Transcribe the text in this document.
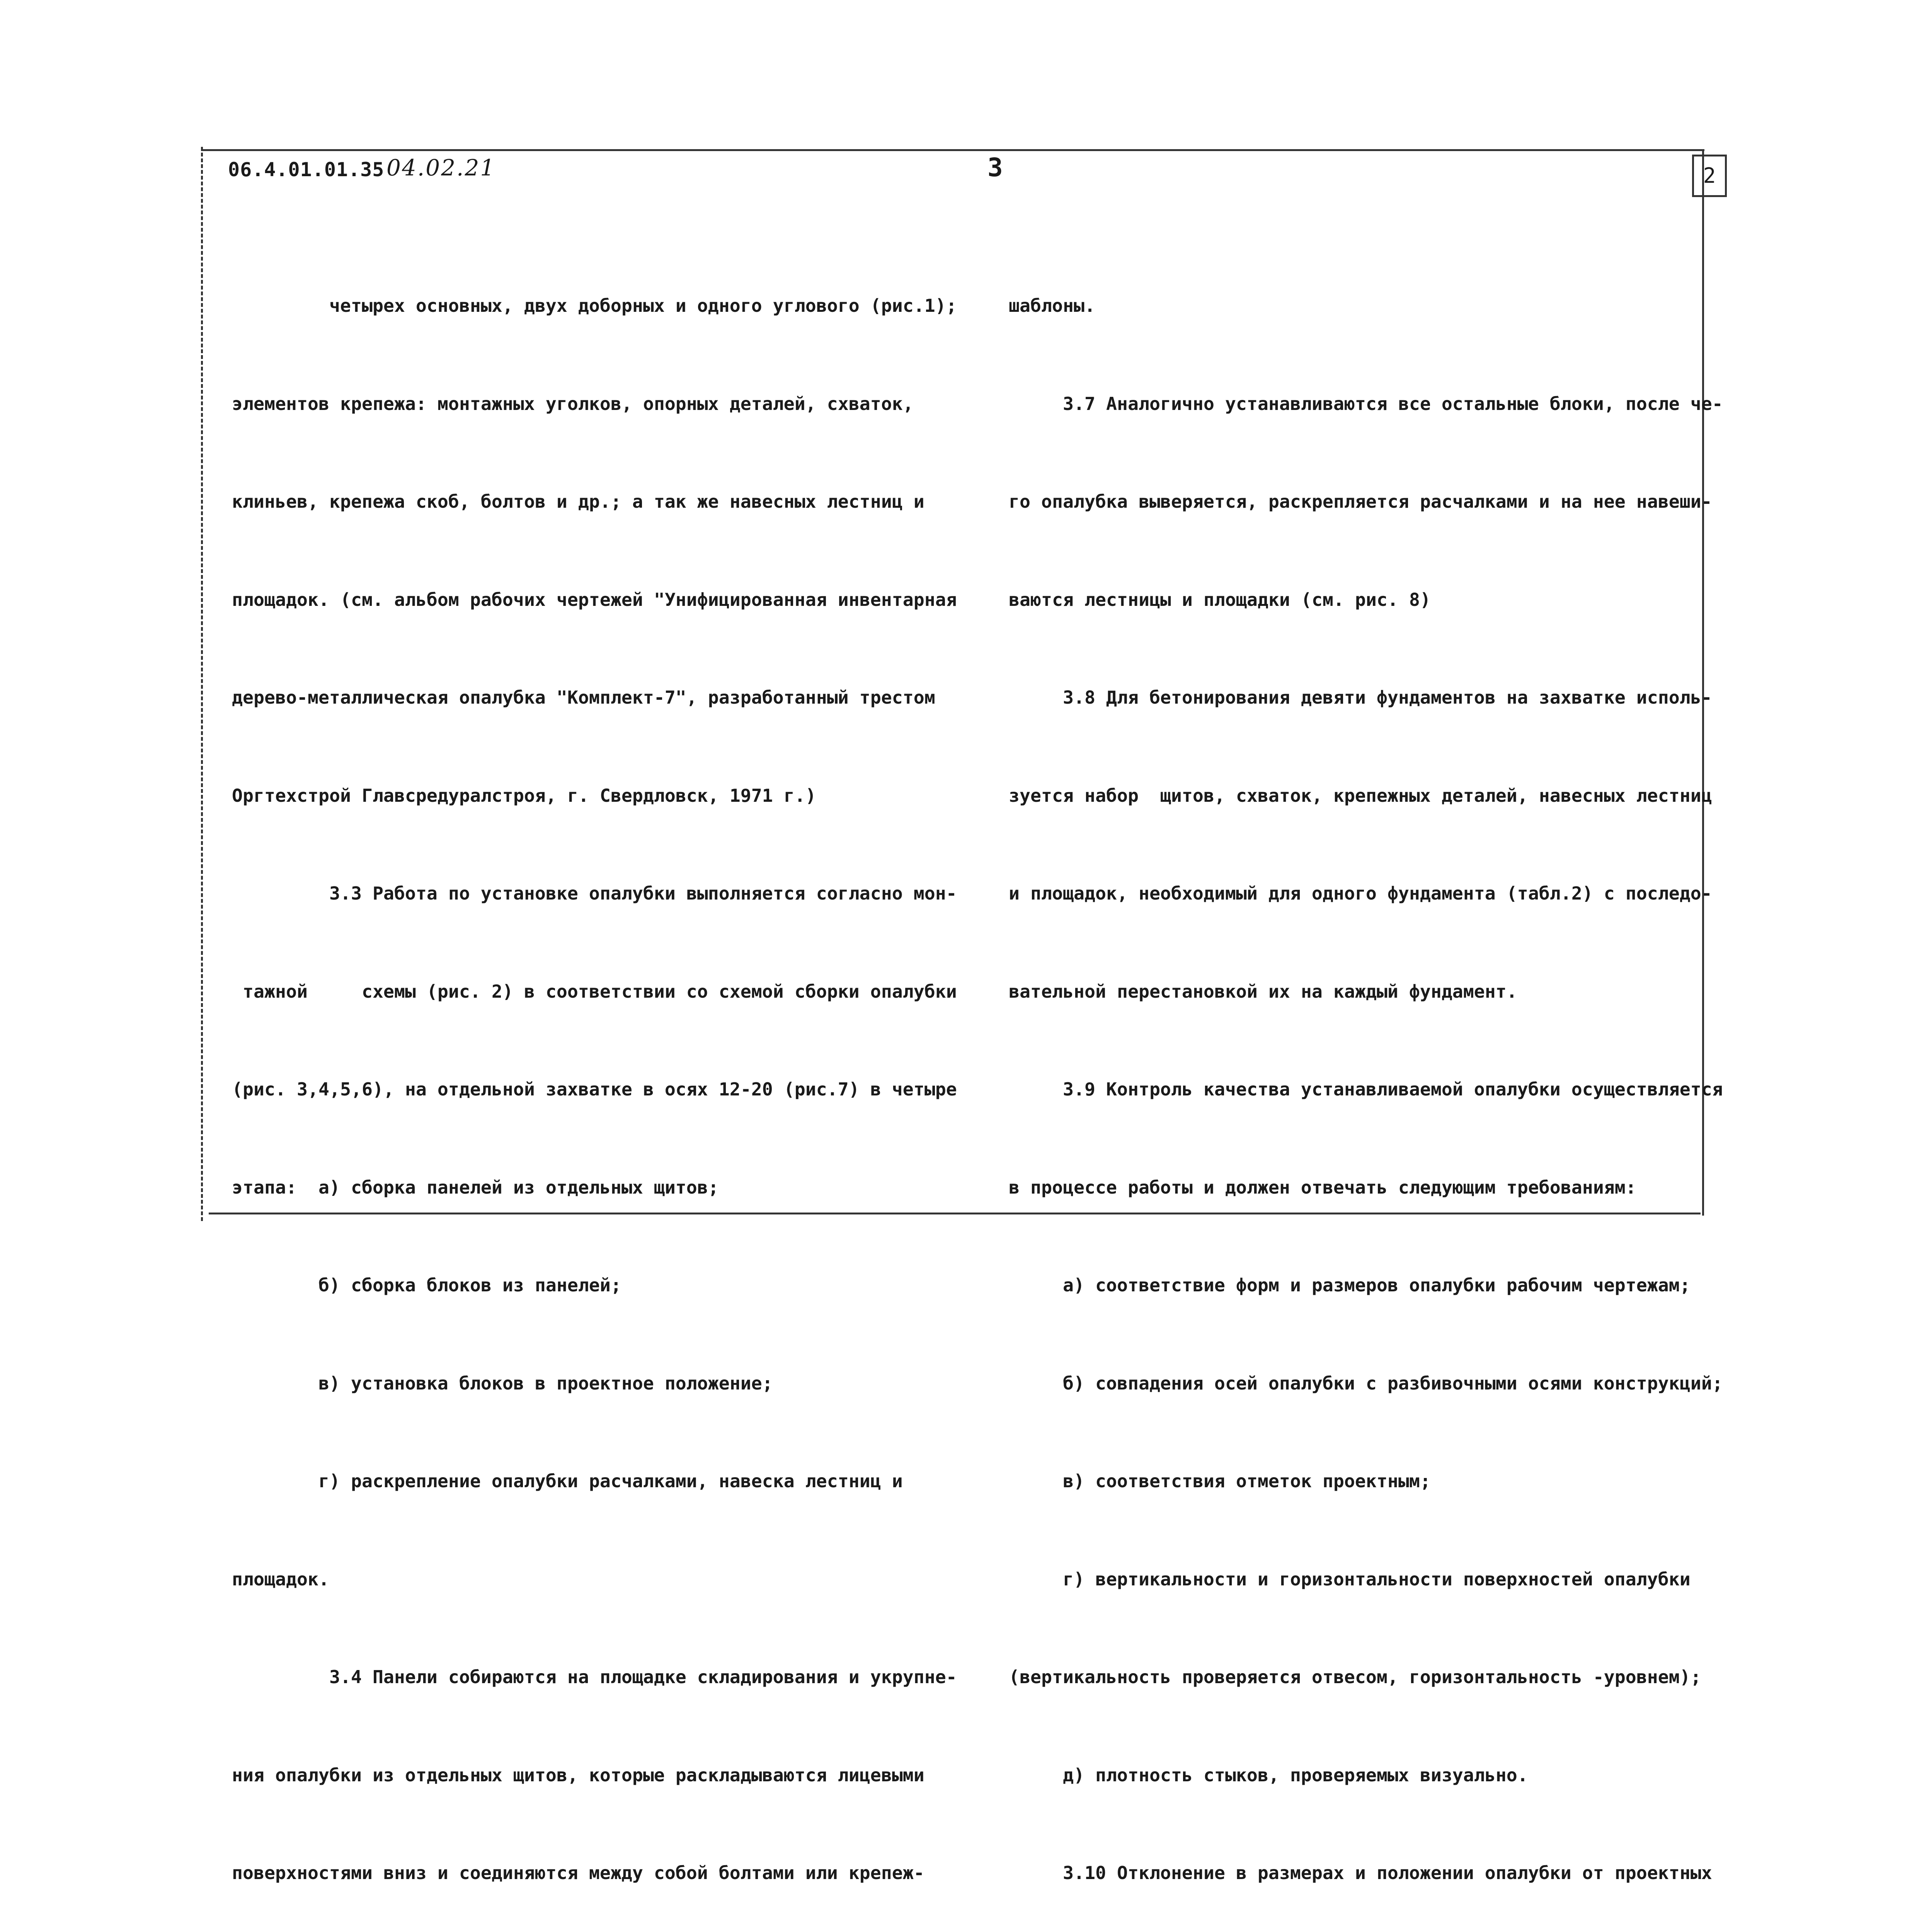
06.4.01.01.35 04.02.21	3	2

четырех основных, двух доборных и одного углового (рис.1);

элементов крепежа: монтажных уголков, опорных деталей, схваток,

клиньев, крепежа скоб, болтов и др.; а так же навесных лестниц и

площадок. (см. альбом рабочих чертежей "Унифицированная инвентарная

дерево-металлическая опалубка "Комплект-7", разработанный трестом

Оргтехстрой Главсредуралстроя, г. Свердловск, 1971 г.)

3.3 Работа по установке опалубки выполняется согласно мон-

тажной     схемы (рис. 2) в соответствии со схемой сборки опалубки

(рис. 3,4,5,6), на отдельной захватке в осях 12-20 (рис.7) в четыре

этапа:  а) сборка панелей из отдельных щитов;

б) сборка блоков из панелей;

в) установка блоков в проектное положение;

г) раскрепление опалубки расчалками, навеска лестниц и

площадок.

3.4 Панели собираются на площадке складирования и укрупне-

ния опалубки из отдельных щитов, которые раскладываются лицевыми

поверхностями вниз и соединяются между собой болтами или крепеж-

шаблоны.

3.7 Аналогично устанавливаются все остальные блоки, после че-

го опалубка выверяется, раскрепляется расчалками и на нее навеши-

ваются лестницы и площадки (см. рис. 8)

3.8 Для бетонирования девяти фундаментов на захватке исполь-

зуется набор  щитов, схваток, крепежных деталей, навесных лестниц

и площадок, необходимый для одного фундамента (табл.2) с последо-

вательной перестановкой их на каждый фундамент.

3.9 Контроль качества устанавливаемой опалубки осуществляется

в процессе работы и должен отвечать следующим требованиям:

а) соответствие форм и размеров опалубки рабочим чертежам;

б) совпадения осей опалубки с разбивочными осями конструкций;

в) соответствия отметок проектным;

г) вертикальности и горизонтальности поверхностей опалубки

(вертикальность проверяется отвесом, горизонтальность -уровнем);

д) плотность стыков, проверяемых визуально.

3.10 Отклонение в размерах и положении опалубки от проектных
